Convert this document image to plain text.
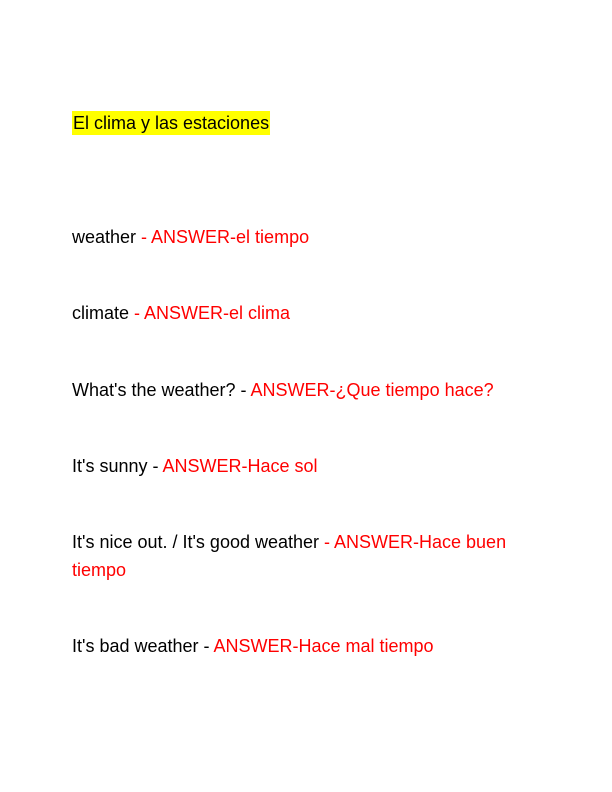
El clima y las estaciones
weather - ANSWER-el tiempo
climate - ANSWER-el clima
What's the weather? - ANSWER-¿Que tiempo hace?
It's sunny - ANSWER-Hace sol
It's nice out. / It's good weather - ANSWER-Hace buen tiempo
It's bad weather - ANSWER-Hace mal tiempo
